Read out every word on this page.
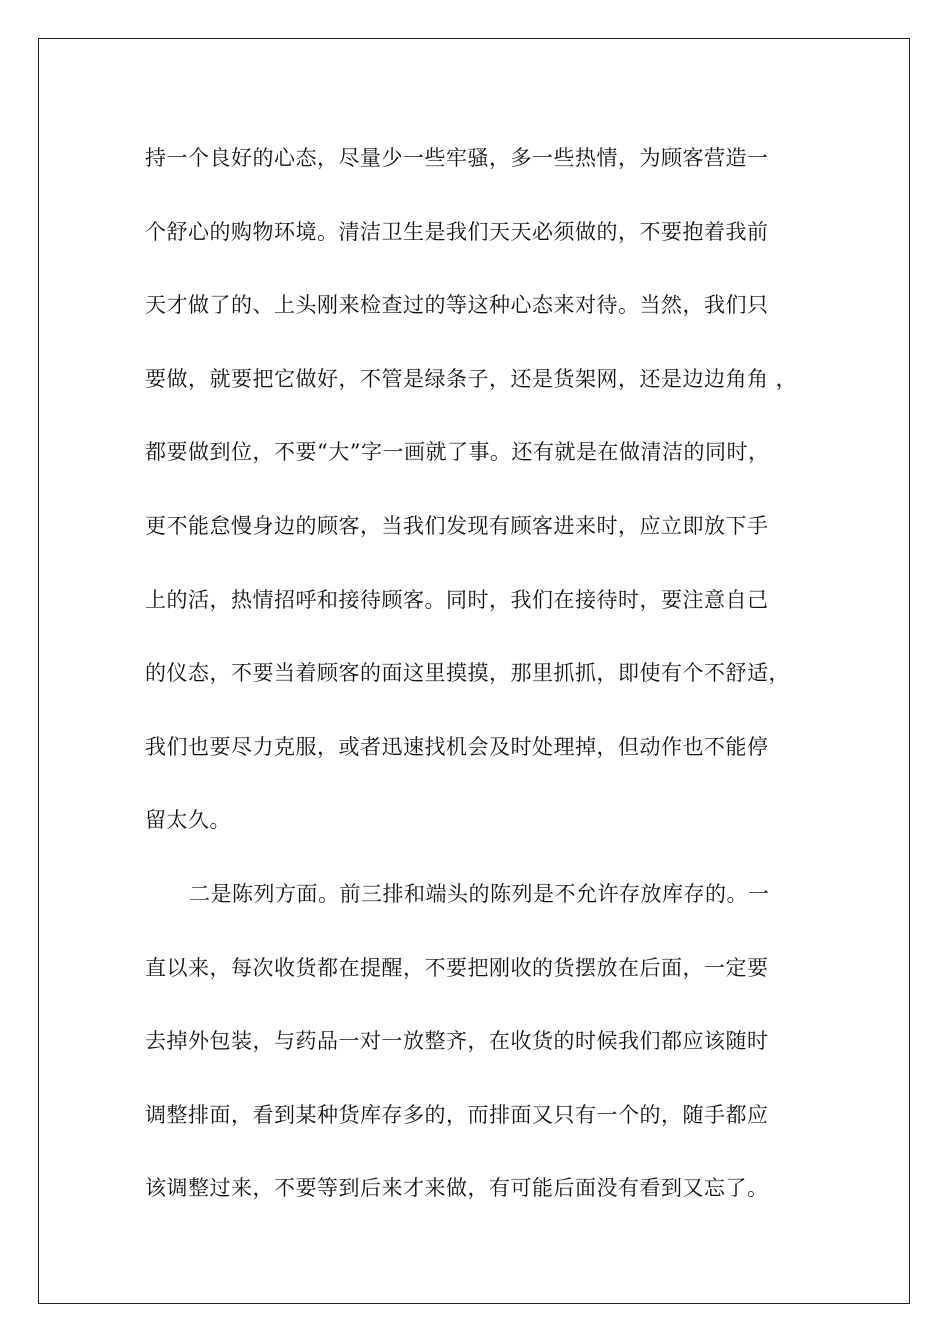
持一个良好的心态，尽量少一些牢骚，多一些热情，为顾客营造一
个舒心的购物环境。清洁卫生是我们天天必须做的，不要抱着我前
天才做了的、上头刚来检查过的等这种心态来对待。当然，我们只
要做，就要把它做好，不管是绿条子，还是货架网，还是边边角角 ，
都要做到位，不要“大”字一画就了事。还有就是在做清洁的同时，
更不能怠慢身边的顾客，当我们发现有顾客进来时，应立即放下手
上的活，热情招呼和接待顾客。同时，我们在接待时，要注意自己
的仪态，不要当着顾客的面这里摸摸，那里抓抓，即使有个不舒适，
我们也要尽力克服，或者迅速找机会及时处理掉，但动作也不能停
留太久。
二是陈列方面。前三排和端头的陈列是不允许存放库存的。一
直以来，每次收货都在提醒，不要把刚收的货摆放在后面，一定要
去掉外包装，与药品一对一放整齐，在收货的时候我们都应该随时
调整排面，看到某种货库存多的，而排面又只有一个的，随手都应
该调整过来，不要等到后来才来做，有可能后面没有看到又忘了。
